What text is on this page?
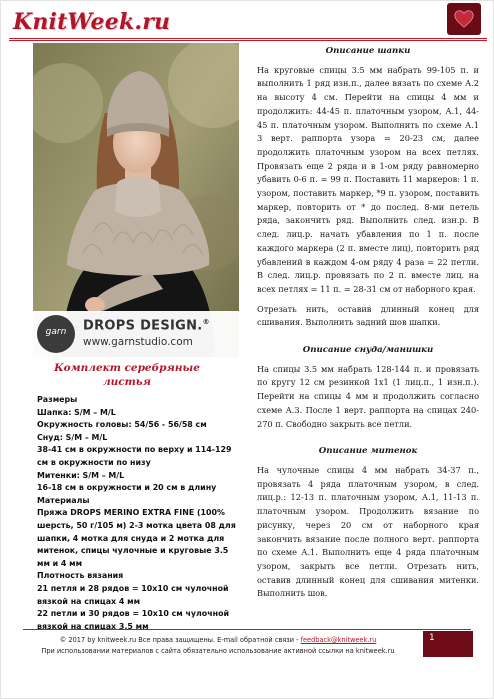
KnitWeek.ru
garn	DROPS DESIGN.®
www.garnstudio.com
Комплект серебряные листья

Размеры

Шапка: S/M – M/L

Окружность головы: 54/56 - 56/58 см

Снуд: S/M – M/L

38-41 см в окружности по верху и 114-129 см в окружности по низу

Митенки: S/M – M/L

16-18 см в окружности и 20 см в длину

Материалы

Пряжа DROPS MERINO EXTRA FINE (100% шерсть, 50 г/105 м) 2-3 мотка цвета 08 для шапки, 4 мотка для снуда и 2 мотка для митенок, спицы чулочные и круговые 3.5 мм и 4 мм

Плотность вязания

21 петля и 28 рядов = 10х10 см чулочной вязкой на спицах 4 мм

22 петли и 30 рядов = 10х10 см чулочной вязкой на спицах 3.5 мм

Описание шапки
На круговые спицы 3.5 мм набрать 99-105 п. и выполнить 1 ряд изн.п., далее вязать по схеме А.2 на высоту 4 см. Перейти на спицы 4 мм и продолжить: 44-45 п. платочным узором, А.1, 44-45 п. платочным узором. Выполнить по схеме А.1 3 верт. раппорта узора = 20-23 см, далее продолжить платочным узором на всех петлях. Провязать еще 2 ряда и в 1-ом ряду равномерно убавить 0-6 п. = 99 п. Поставить 11 маркеров: 1 п. узором, поставить маркер, *9 п. узором, поставить маркер, повторить от * до послед. 8-ми петель ряда, закончить ряд. Выполнить след. изн.р. В след. лиц.р. начать убавления по 1 п. после каждого маркера (2 п. вместе лиц), повторить ряд убавлений в каждом 4-ом ряду 4 раза = 22 петли. В след. лиц.р. провязать по 2 п. вместе лиц. на всех петлях = 11 п. = 28-31 см от наборного края.
Отрезать нить, оставив длинный конец для сшивания. Выполнить задний шов шапки.
Описание снуда/манишки
На спицы 3.5 мм набрать 128-144 п. и провязать по кругу 12 см резинкой 1х1 (1 лиц.п., 1 изн.п.). Перейти на спицы 4 мм и продолжить согласно схеме А.3. После 1 верт. раппорта на спицах 240-270 п. Свободно закрыть все петли.
Описание митенок
На чулочные спицы 4 мм набрать 34-37 п., провязать 4 ряда платочным узором, в след. лиц.р.: 12-13 п. платочным узором, А.1, 11-13 п. платочным узором. Продолжить вязание по рисунку, через 20 см от наборного края закончить вязание после полного верт. раппорта по схеме А.1. Выполнить еще 4 ряда платочным узором, закрыть все петли. Отрезать нить, оставив длинный конец для сшивания митенки. Выполнить шов.
© 2017 by knitweek.ru Все права защищены. E-mail обратной связи - feedback@knitweek.ru
При использовании материалов с сайта обязательно использование активной ссылки на knitweek.ru
1
